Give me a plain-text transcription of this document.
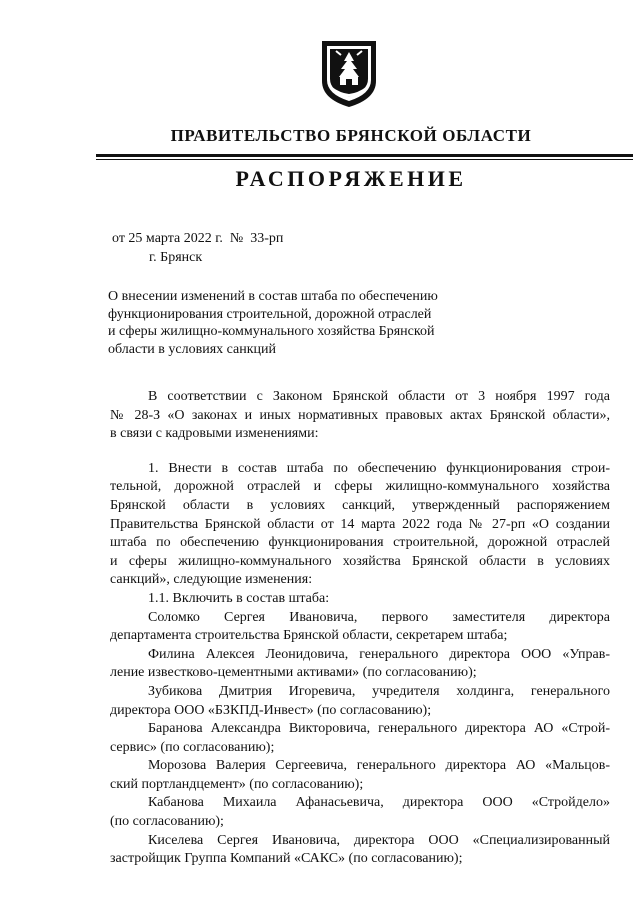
ПРАВИТЕЛЬСТВО БРЯНСКОЙ ОБЛАСТИ
РАСПОРЯЖЕНИЕ
от 25 марта 2022 г.  №  33-рп
г. Брянск
О внесении изменений в состав штаба по обеспечению
функционирования строительной, дорожной отраслей
и сферы жилищно-коммунального хозяйства Брянской
области в условиях санкций

В соответствии с Законом Брянской области от 3 ноября 1997 года

№ 28-З «О законах и иных нормативных правовых актах Брянской области»,

в связи с кадровыми изменениями:

1. Внести в состав штаба по обеспечению функционирования строи-

тельной, дорожной отраслей и сферы жилищно-коммунального хозяйства

Брянской области в условиях санкций, утвержденный распоряжением

Правительства Брянской области от 14 марта 2022 года № 27-рп «О создании

штаба по обеспечению функционирования строительной, дорожной отраслей

и сферы жилищно-коммунального хозяйства Брянской области в условиях

санкций», следующие изменения:

1.1. Включить в состав штаба:

Соломко Сергея Ивановича, первого заместителя директора

департамента строительства Брянской области, секретарем штаба;

Филина Алексея Леонидовича, генерального директора ООО «Управ-

ление известково-цементными активами» (по согласованию);

Зубикова Дмитрия Игоревича, учредителя холдинга, генерального

директора ООО «БЗКПД-Инвест» (по согласованию);

Баранова Александра Викторовича, генерального директора АО «Строй-

сервис» (по согласованию);

Морозова Валерия Сергеевича, генерального директора АО «Мальцов-

ский портландцемент» (по согласованию);

Кабанова Михаила Афанасьевича, директора ООО «Стройдело»

(по согласованию);

Киселева Сергея Ивановича, директора ООО «Специализированный

застройщик Группа Компаний «САКС» (по согласованию);
